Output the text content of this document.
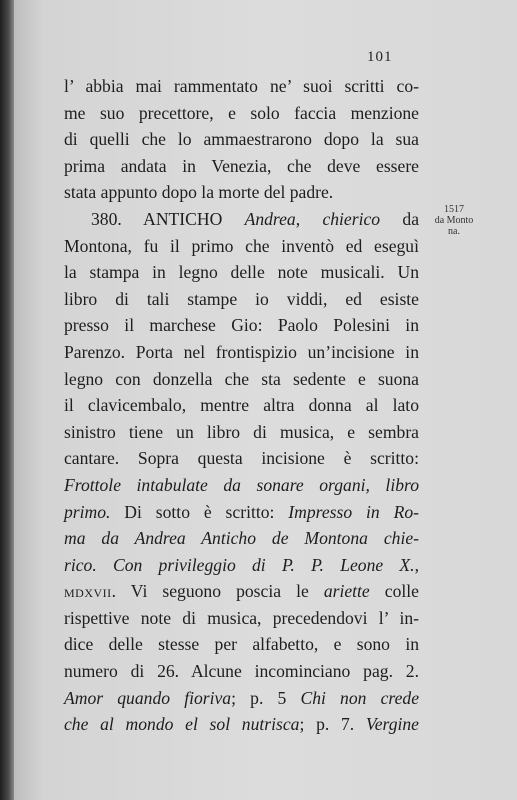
101
1517
da Monto
na.
l’ abbia mai rammentato ne’ suoi scritti co-
me suo precettore, e solo faccia menzione
di quelli che lo ammaestrarono dopo la sua
prima andata in Venezia, che deve essere
stata appunto dopo la morte del padre.
380. ANTICHO Andrea, chierico da
Montona, fu il primo che inventò ed eseguì
la stampa in legno delle note musicali. Un
libro di tali stampe io viddi, ed esiste
presso il marchese Gio: Paolo Polesini in
Parenzo. Porta nel frontispizio un’incisione in
legno con donzella che sta sedente e suona
il clavicembalo, mentre altra donna al lato
sinistro tiene un libro di musica, e sembra
cantare. Sopra questa incisione è scritto:
Frottole intabulate da sonare organi, libro
primo. Di sotto è scritto: Impresso in Ro-
ma da Andrea Anticho de Montona chie-
rico. Con privileggio di P. P. Leone X.,
mdxvii. Vi seguono poscia le ariette colle
rispettive note di musica, precedendovi l’ in-
dice delle stesse per alfabetto, e sono in
numero di 26. Alcune incominciano pag. 2.
Amor quando fioriva; p. 5 Chi non crede
che al mondo el sol nutrisca; p. 7. Vergine
